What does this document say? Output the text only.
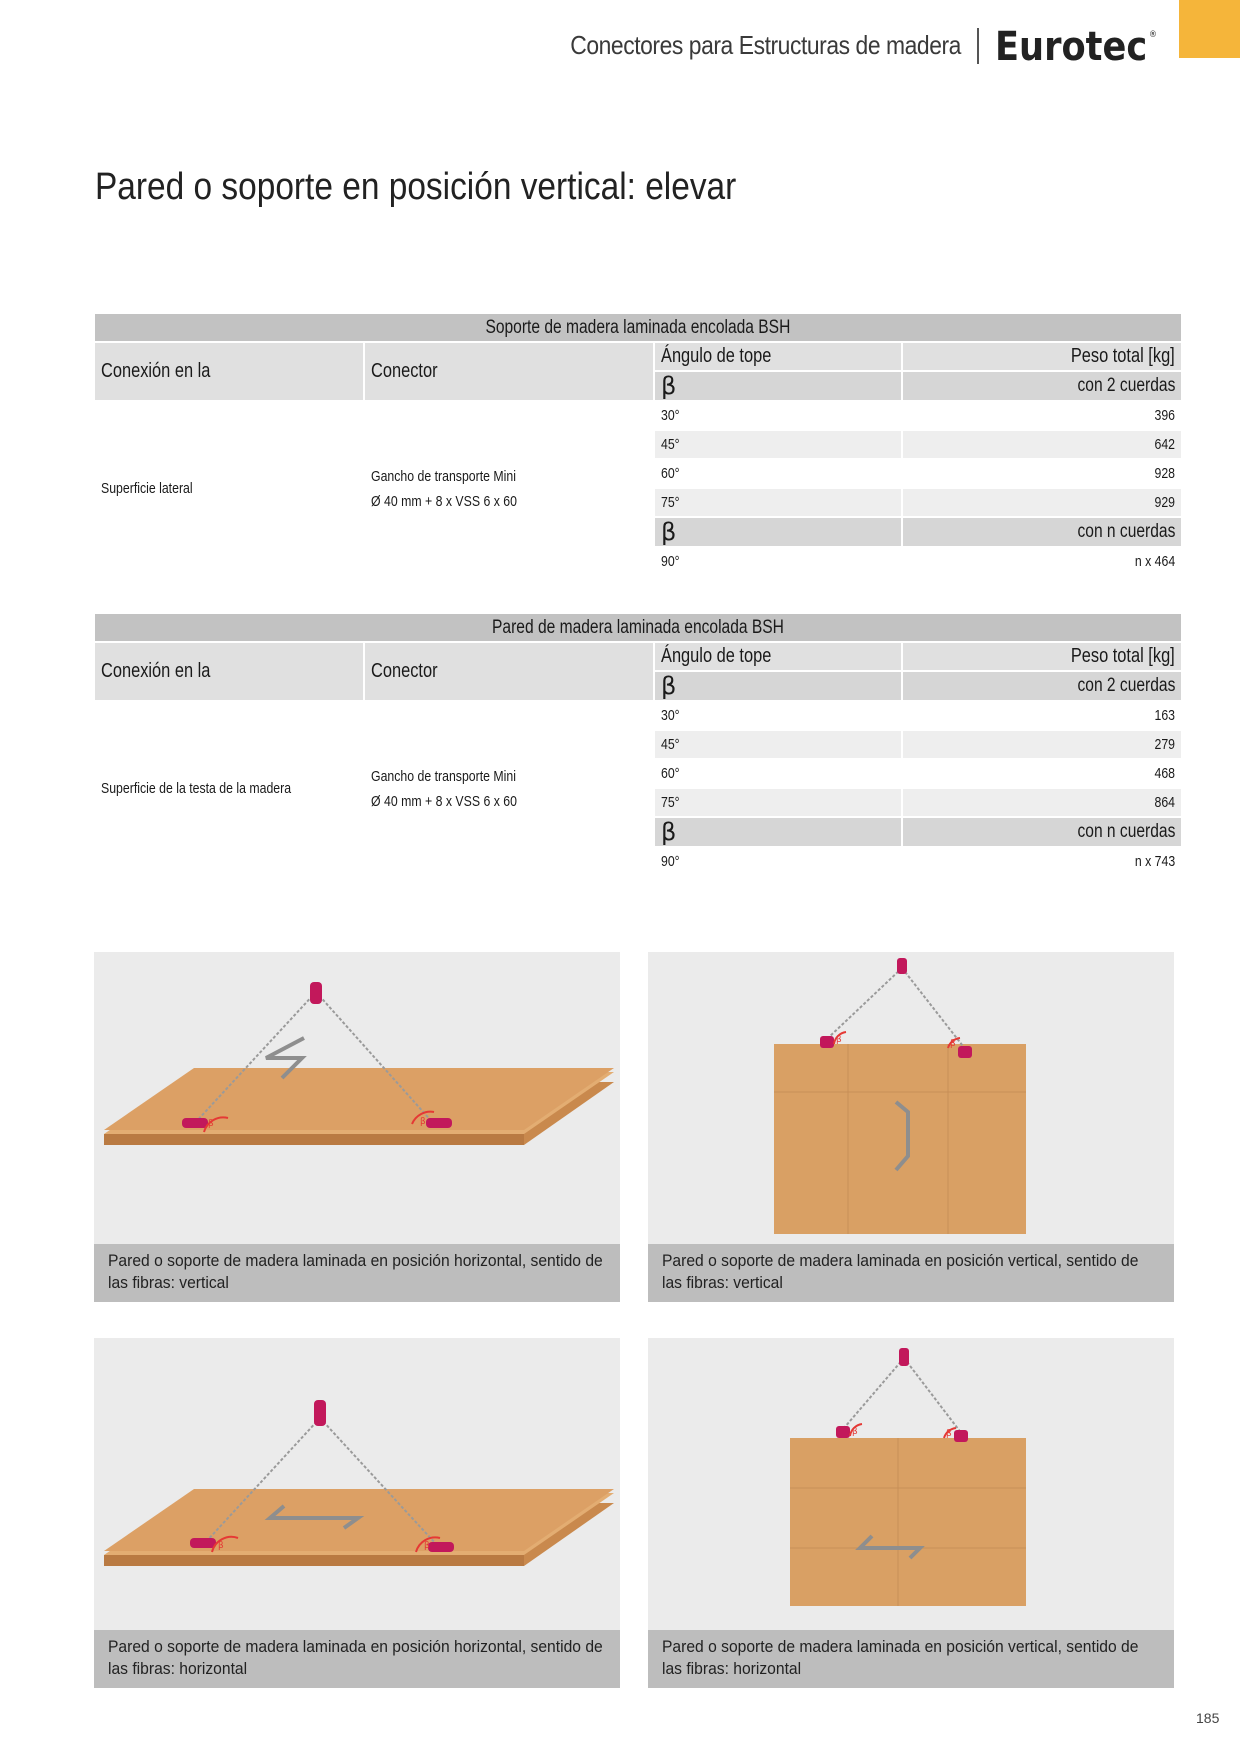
Conectores para Estructuras de madera Eurotec ®
Pared o soporte en posición vertical: elevar
Soporte de madera laminada encolada BSH			
Conexión en la	Conector	Ángulo de tope	Peso total [kg]
		β	con 2 cuerdas
Superficie lateral	Gancho de transporte Mini
Ø 40 mm + 8 x VSS 6 x 60	30°	396
		45°	642
		60°	928
		75°	929
		β	con n cuerdas
		90°	n x 464
Pared de madera laminada encolada BSH			
Conexión en la	Conector	Ángulo de tope	Peso total [kg]
		β	con 2 cuerdas
Superficie de la testa de la madera	Gancho de transporte Mini
Ø 40 mm + 8 x VSS 6 x 60	30°	163
		45°	279
		60°	468
		75°	864
		β	con n cuerdas
		90°	n x 743
β	β
Pared o soporte de madera laminada en posición horizontal, sentido de las fibras: vertical
β	β
Pared o soporte de madera laminada en posición vertical, sentido de las fibras: vertical
β	β
Pared o soporte de madera laminada en posición horizontal, sentido de las fibras: horizontal
β	β
Pared o soporte de madera laminada en posición vertical, sentido de las fibras: horizontal
185
